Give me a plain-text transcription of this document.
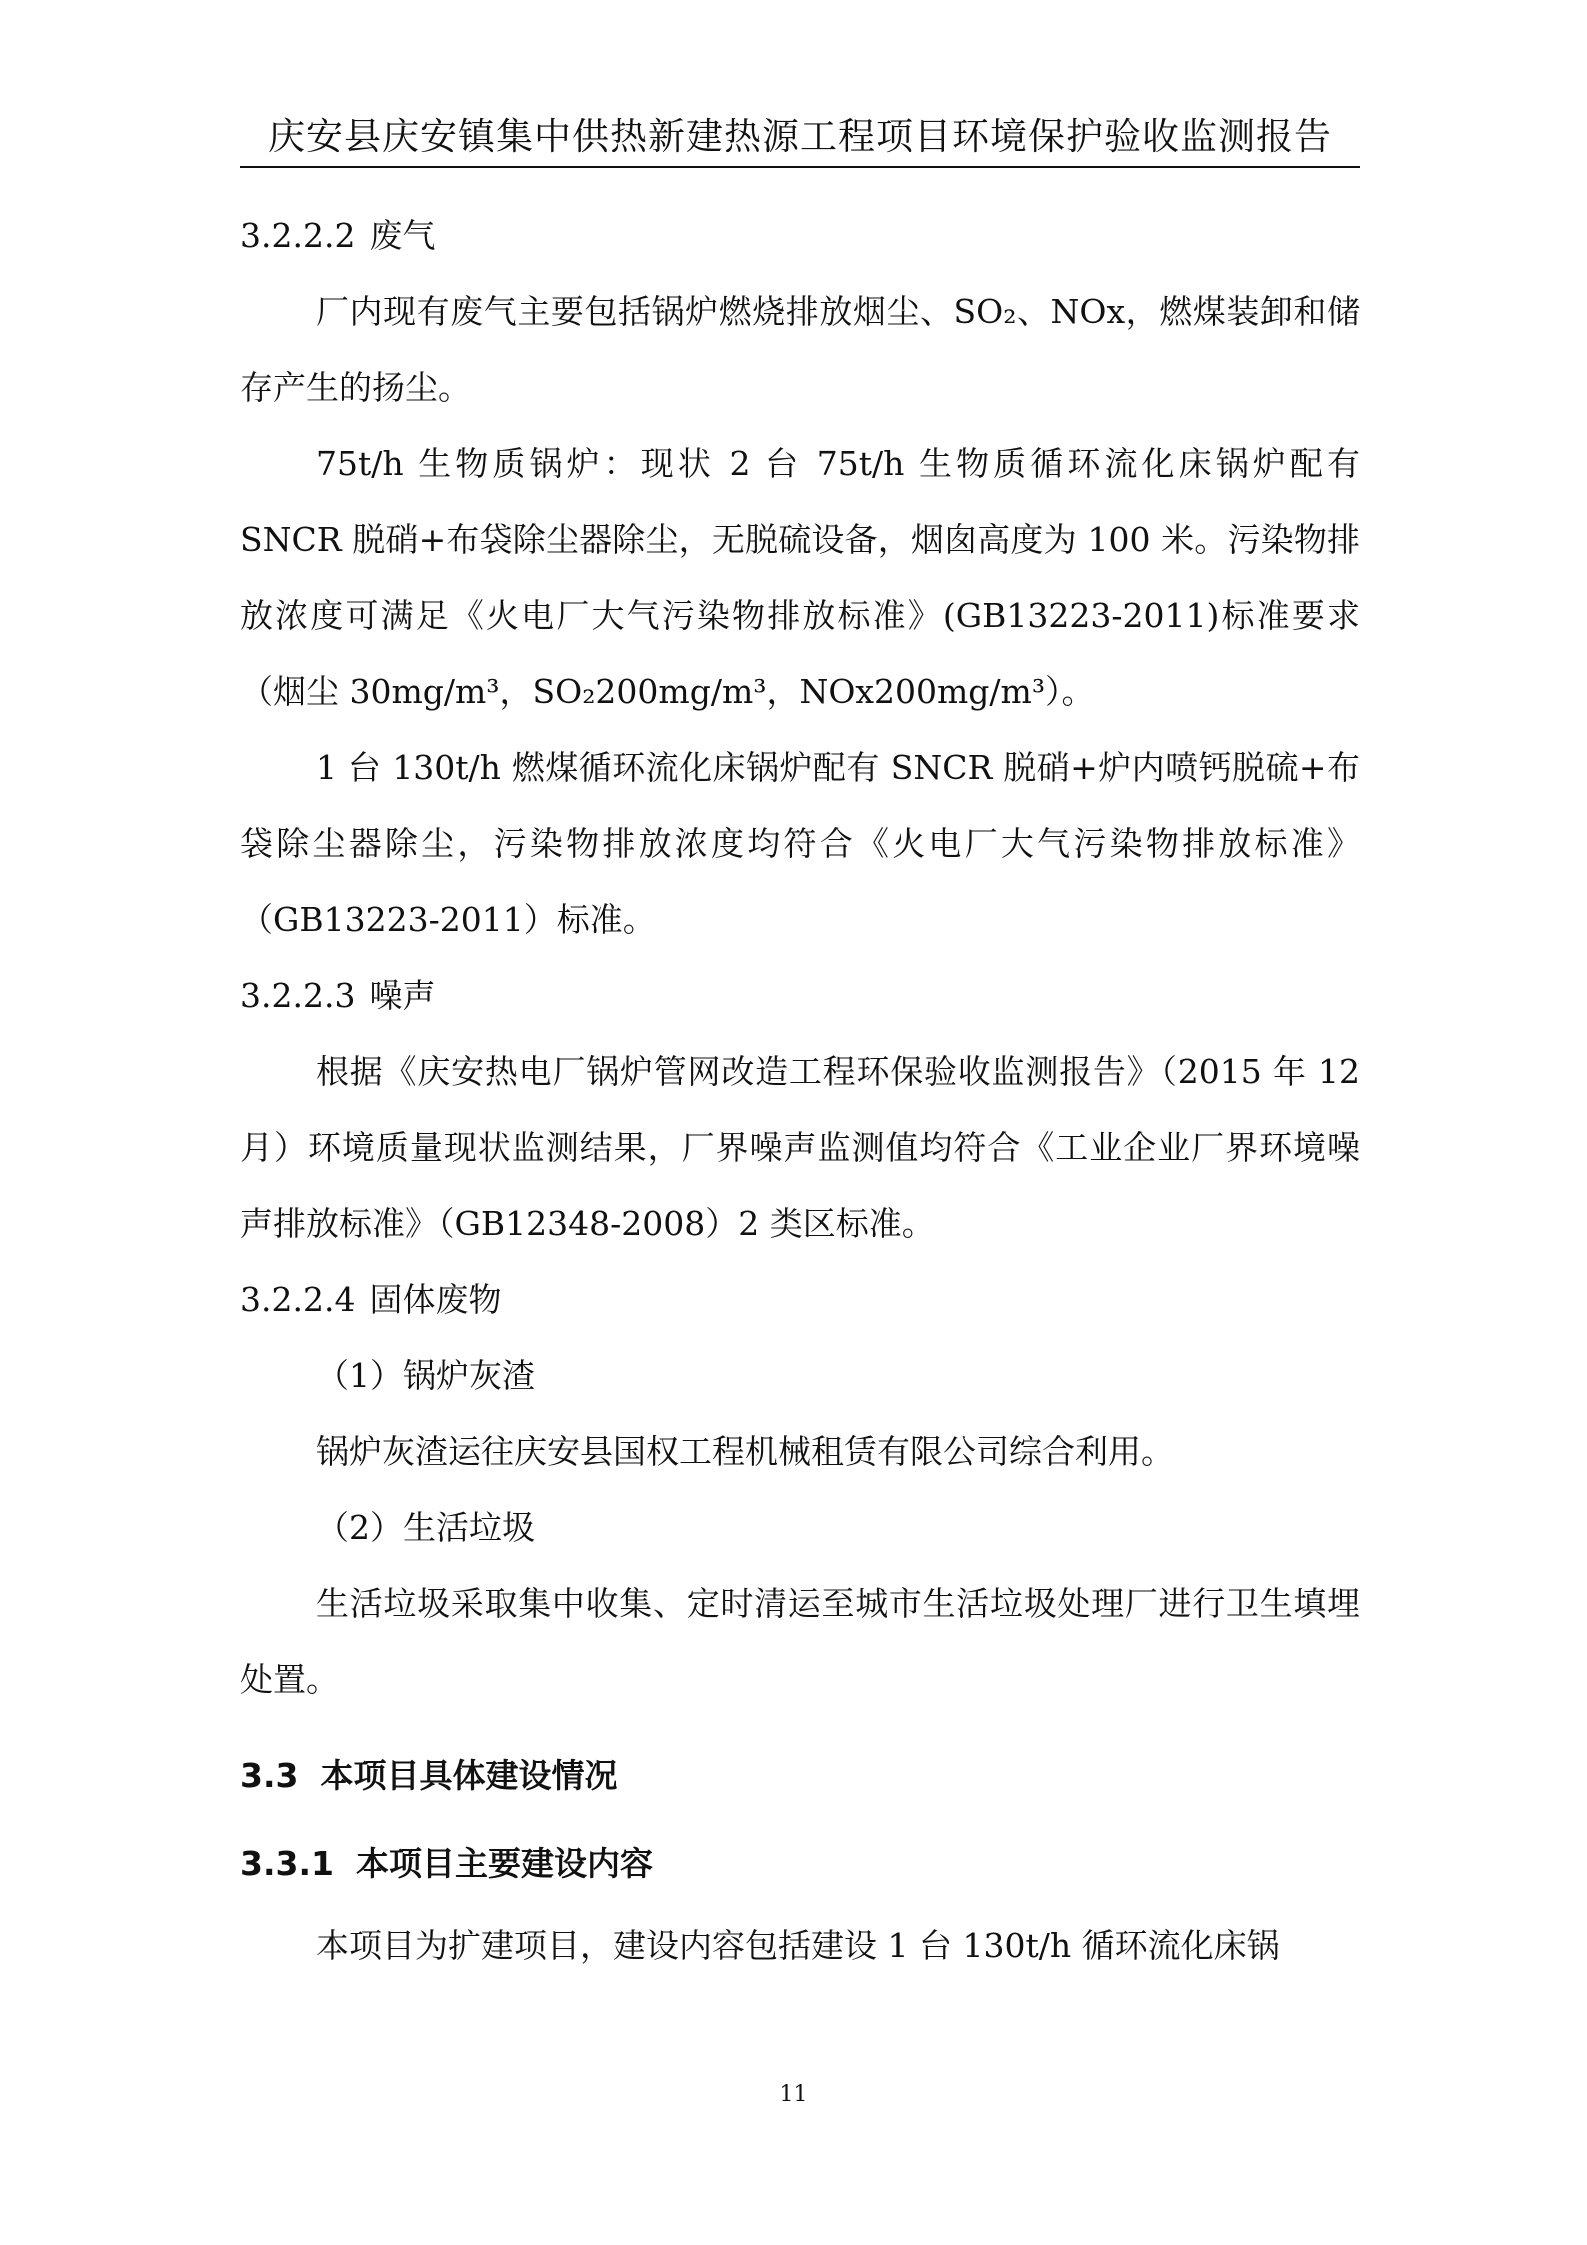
庆安县庆安镇集中供热新建热源工程项目环境保护验收监测报告
3.2.2.2 废气

厂内现有废气主要包括锅炉燃烧排放烟尘、SO₂、NOx，燃煤装卸和储存产生的扬尘。

75t/h 生物质锅炉：现状 2 台 75t/h 生物质循环流化床锅炉配有 SNCR 脱硝+布袋除尘器除尘，无脱硫设备，烟囱高度为 100 米。污染物排放浓度可满足《火电厂大气污染物排放标准》(GB13223-2011)标准要求（烟尘 30mg/m³，SO₂200mg/m³，NOx200mg/m³）。

1 台 130t/h 燃煤循环流化床锅炉配有 SNCR 脱硝+炉内喷钙脱硫+布袋除尘器除尘，污染物排放浓度均符合《火电厂大气污染物排放标准》（GB13223-2011）标准。

3.2.2.3 噪声

根据《庆安热电厂锅炉管网改造工程环保验收监测报告》（2015 年 12 月）环境质量现状监测结果，厂界噪声监测值均符合《工业企业厂界环境噪声排放标准》（GB12348-2008）2 类区标准。

3.2.2.4 固体废物

（1）锅炉灰渣

锅炉灰渣运往庆安县国权工程机械租赁有限公司综合利用。

（2）生活垃圾

生活垃圾采取集中收集、定时清运至城市生活垃圾处理厂进行卫生填埋处置。

3.3 本项目具体建设情况
3.3.1 本项目主要建设内容

本项目为扩建项目，建设内容包括建设 1 台 130t/h 循环流化床锅

11
